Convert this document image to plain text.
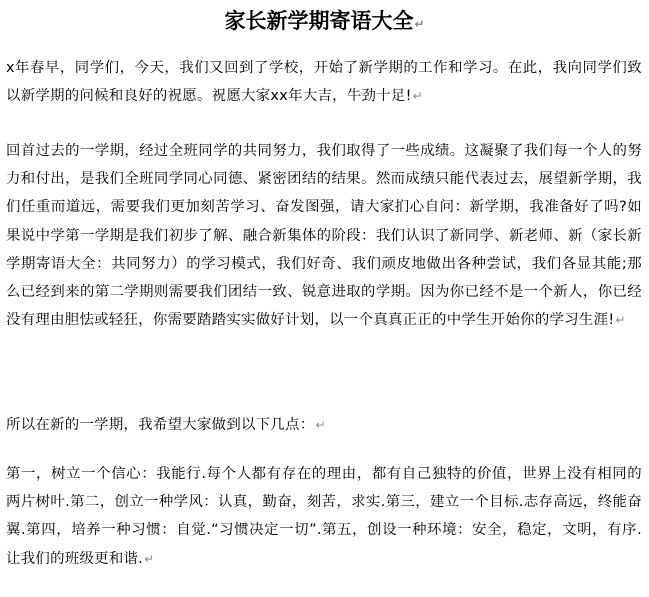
家长新学期寄语大全↵
x年春早，同学们，今天，我们又回到了学校，开始了新学期的工作和学习。在此，我向同学们致以新学期的问候和良好的祝愿。祝愿大家xx年大吉，牛劲十足!↵
回首过去的一学期，经过全班同学的共同努力，我们取得了一些成绩。这凝聚了我们每一个人的努力和付出，是我们全班同学同心同德、紧密团结的结果。然而成绩只能代表过去，展望新学期，我们任重而道远，需要我们更加刻苦学习、奋发图强，请大家扪心自问：新学期，我准备好了吗?如果说中学第一学期是我们初步了解、融合新集体的阶段：我们认识了新同学、新老师、新（家长新学期寄语大全：共同努力）的学习模式，我们好奇、我们顽皮地做出各种尝试，我们各显其能;那么已经到来的第二学期则需要我们团结一致、锐意进取的学期。因为你已经不是一个新人，你已经没有理由胆怯或轻狂，你需要踏踏实实做好计划，以一个真真正正的中学生开始你的学习生涯!↵
所以在新的一学期，我希望大家做到以下几点：↵
第一，树立一个信心：我能行.每个人都有存在的理由，都有自己独特的价值，世界上没有相同的两片树叶.第二，创立一种学风：认真，勤奋，刻苦，求实.第三，建立一个目标.志存高远，终能奋翼.第四，培养一种习惯：自觉.“习惯决定一切”.第五，创设一种环境：安全，稳定，文明，有序.让我们的班级更和谐.↵
